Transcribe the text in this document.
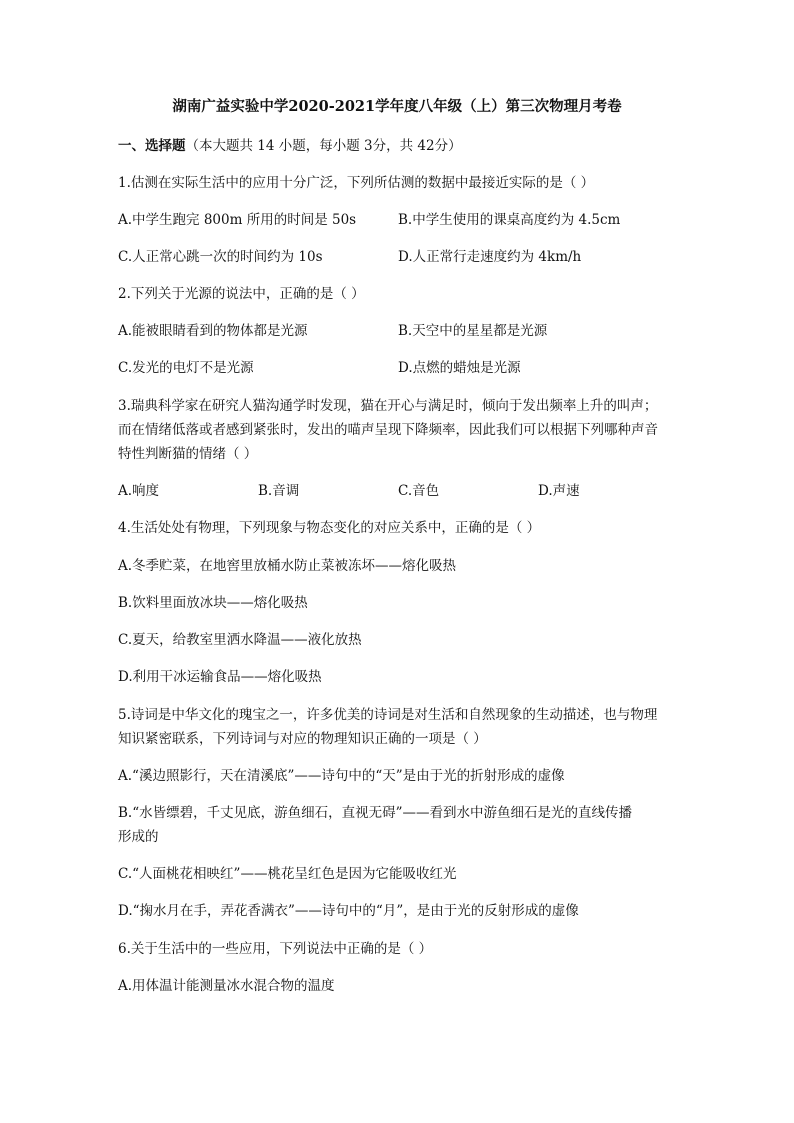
湖南广益实验中学2020-2021学年度八年级（上）第三次物理月考卷
一、选择题（本大题共 14 小题，每小题 3分，共 42分）
1.估测在实际生活中的应用十分广泛，下列所估测的数据中最接近实际的是（ ）
A.中学生跑完 800m 所用的时间是 50s	B.中学生使用的课桌高度约为 4.5cm
C.人正常心跳一次的时间约为 10s	D.人正常行走速度约为 4km/h
2.下列关于光源的说法中，正确的是（ ）
A.能被眼睛看到的物体都是光源	B.天空中的星星都是光源
C.发光的电灯不是光源	D.点燃的蜡烛是光源
3.瑞典科学家在研究人猫沟通学时发现，猫在开心与满足时，倾向于发出频率上升的叫声；
而在情绪低落或者感到紧张时，发出的喵声呈现下降频率，因此我们可以根据下列哪种声音
特性判断猫的情绪（ ）
A.响度	B.音调	C.音色	D.声速
4.生活处处有物理，下列现象与物态变化的对应关系中，正确的是（ ）
A.冬季贮菜，在地窖里放桶水防止菜被冻坏——熔化吸热
B.饮料里面放冰块——熔化吸热
C.夏天，给教室里洒水降温——液化放热
D.利用干冰运输食品——熔化吸热
5.诗词是中华文化的瑰宝之一，许多优美的诗词是对生活和自然现象的生动描述，也与物理
知识紧密联系，下列诗词与对应的物理知识正确的一项是（ ）
A.“溪边照影行，天在清溪底”——诗句中的“天”是由于光的折射形成的虚像
B.“水皆缥碧，千丈见底，游鱼细石，直视无碍”——看到水中游鱼细石是光的直线传播
形成的
C.“人面桃花相映红”——桃花呈红色是因为它能吸收红光
D.“掬水月在手，弄花香满衣”——诗句中的“月”，是由于光的反射形成的虚像
6.关于生活中的一些应用，下列说法中正确的是（ ）
A.用体温计能测量冰水混合物的温度
